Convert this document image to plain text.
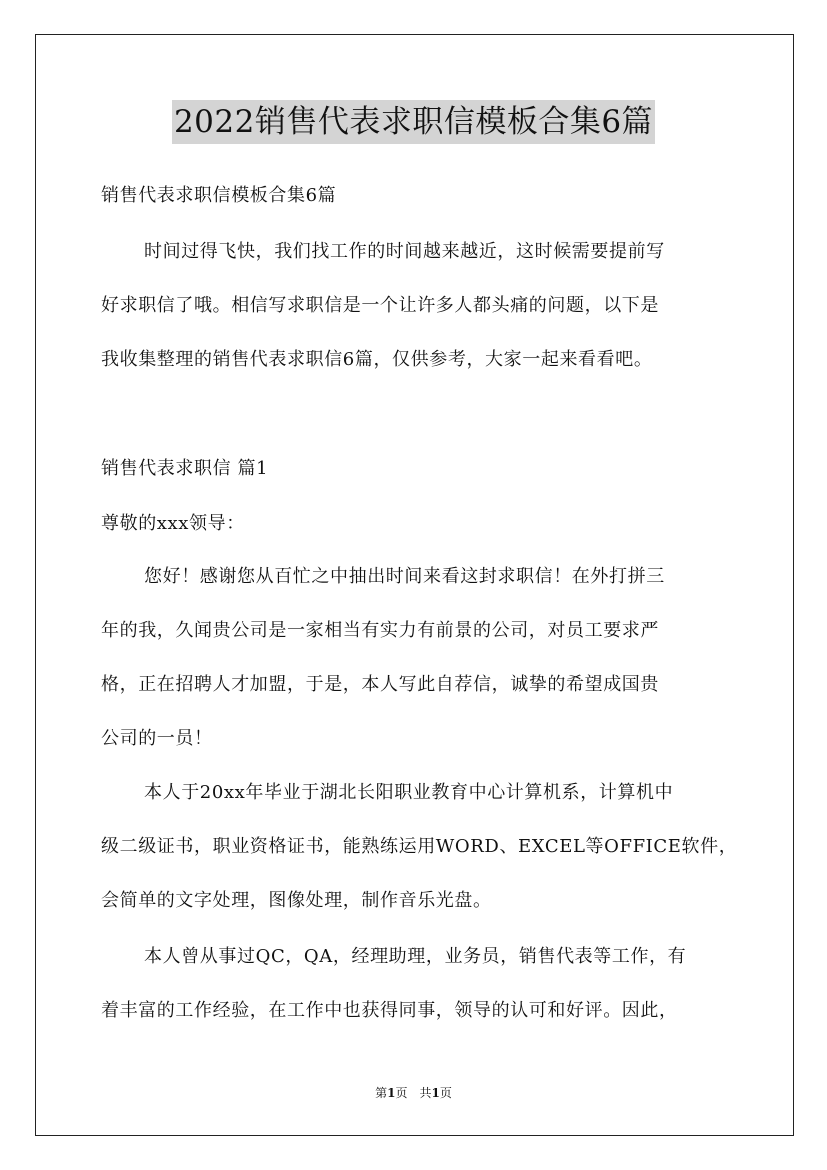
2022销售代表求职信模板合集6篇
销售代表求职信模板合集6篇
时间过得飞快，我们找工作的时间越来越近，这时候需要提前写
好求职信了哦。相信写求职信是一个让许多人都头痛的问题，以下是
我收集整理的销售代表求职信6篇，仅供参考，大家一起来看看吧。
销售代表求职信 篇1
尊敬的xxx领导：
您好！感谢您从百忙之中抽出时间来看这封求职信！在外打拼三
年的我，久闻贵公司是一家相当有实力有前景的公司，对员工要求严
格，正在招聘人才加盟，于是，本人写此自荐信，诚挚的希望成国贵
公司的一员！
本人于20xx年毕业于湖北长阳职业教育中心计算机系，计算机中
级二级证书，职业资格证书，能熟练运用WORD、EXCEL等OFFICE软件，
会简单的文字处理，图像处理，制作音乐光盘。
本人曾从事过QC，QA，经理助理，业务员，销售代表等工作，有
着丰富的工作经验，在工作中也获得同事，领导的认可和好评。因此，
第1页　共1页
